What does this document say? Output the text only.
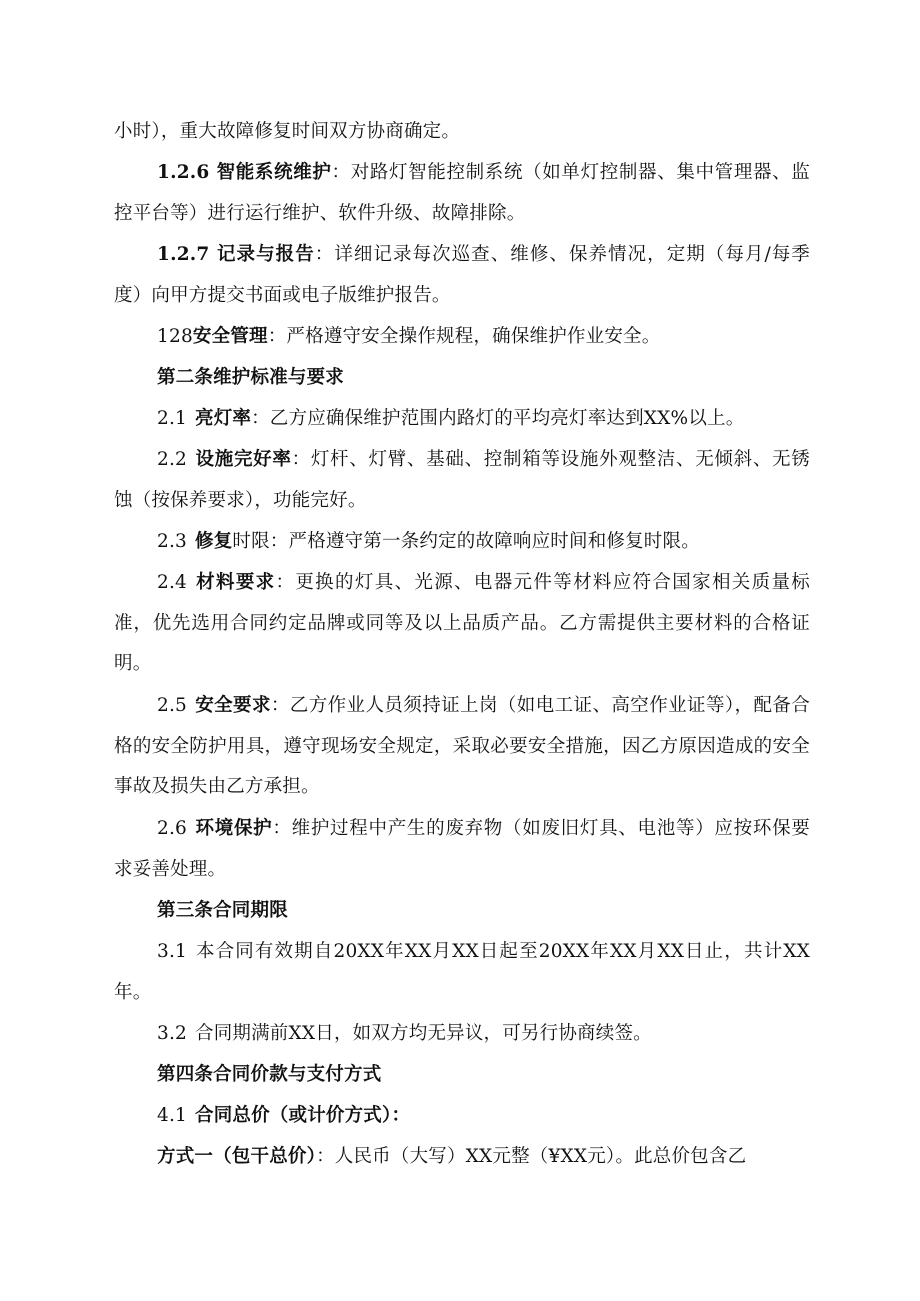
小时），重大故障修复时间双方协商确定。

1.2.6 智能系统维护：对路灯智能控制系统（如单灯控制器、集中管理器、监控平台等）进行运行维护、软件升级、故障排除。

1.2.7 记录与报告：详细记录每次巡查、维修、保养情况，定期（每月/每季度）向甲方提交书面或电子版维护报告。

128安全管理：严格遵守安全操作规程，确保维护作业安全。

第二条维护标准与要求

2.1 亮灯率：乙方应确保维护范围内路灯的平均亮灯率达到XX%以上。

2.2 设施完好率：灯杆、灯臂、基础、控制箱等设施外观整洁、无倾斜、无锈蚀（按保养要求），功能完好。

2.3 修复时限：严格遵守第一条约定的故障响应时间和修复时限。

2.4 材料要求：更换的灯具、光源、电器元件等材料应符合国家相关质量标准，优先选用合同约定品牌或同等及以上品质产品。乙方需提供主要材料的合格证明。

2.5 安全要求：乙方作业人员须持证上岗（如电工证、高空作业证等），配备合格的安全防护用具，遵守现场安全规定，采取必要安全措施，因乙方原因造成的安全事故及损失由乙方承担。

2.6 环境保护：维护过程中产生的废弃物（如废旧灯具、电池等）应按环保要求妥善处理。

第三条合同期限

3.1 本合同有效期自20XX年XX月XX日起至20XX年XX月XX日止，共计XX年。

3.2 合同期满前XX日，如双方均无异议，可另行协商续签。

第四条合同价款与支付方式

4.1 合同总价（或计价方式）：

方式一（包干总价）：人民币（大写）XX元整（¥XX元）。此总价包含乙
